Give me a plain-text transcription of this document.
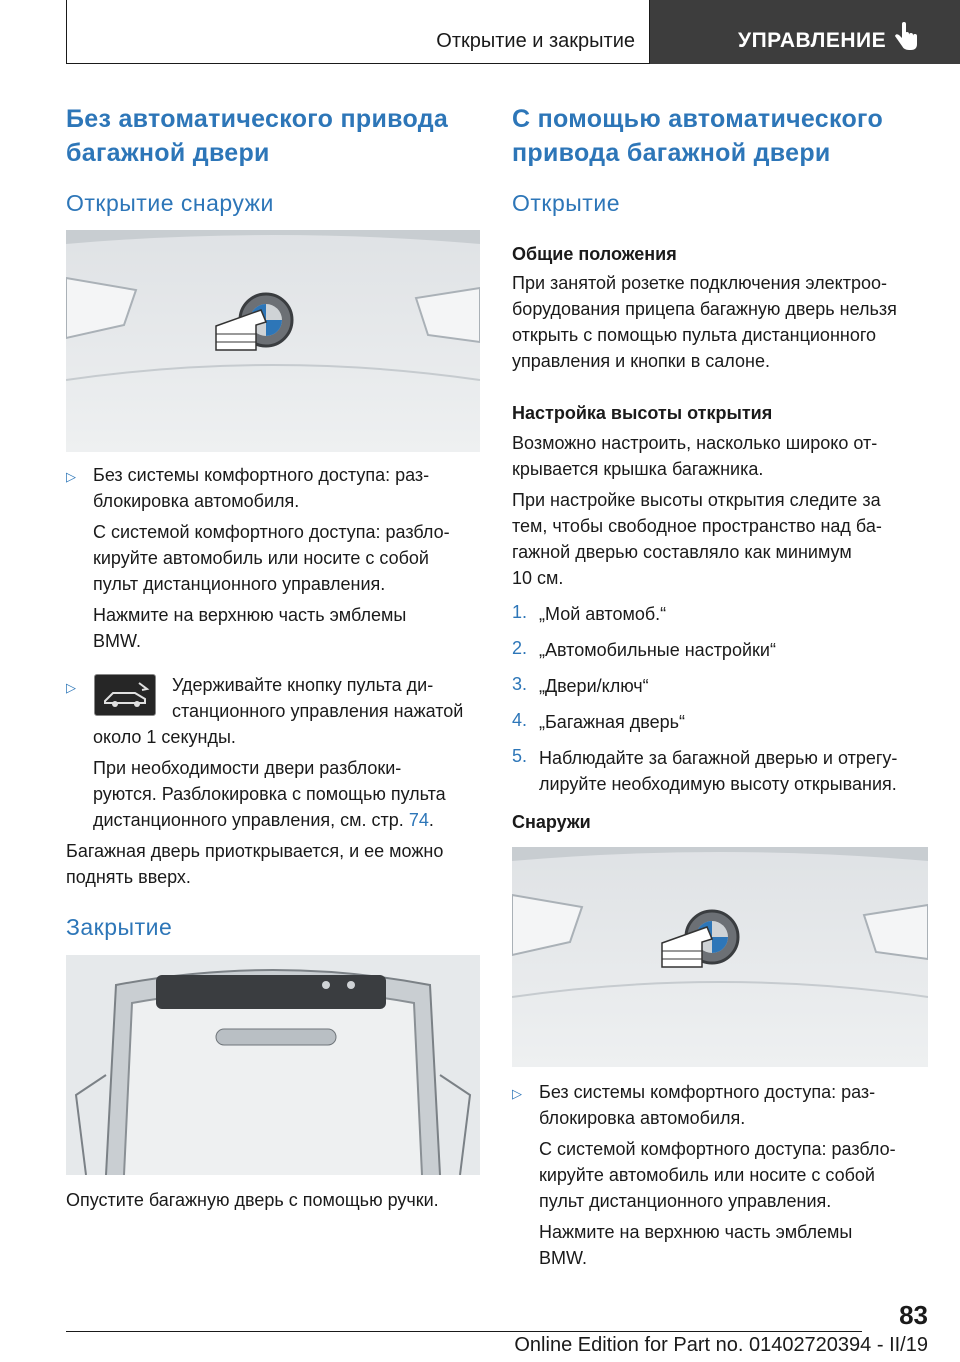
Открытие и закрытие	УПРАВЛЕНИЕ
Без автоматического привода
багажной двери
Открытие снаружи
▷ Без системы комфортного доступа: раз‐
блокировка автомобиля.
С системой комфортного доступа: разбло‐
кируйте автомобиль или носите с собой
пульт дистанционного управления.
Нажмите на верхнюю часть эмблемы
BMW.
▷	Удерживайте кнопку пульта ди‐
станционного управления нажатой
около 1 секунды.
При необходимости двери разблоки‐
руются. Разблокировка с помощью пульта
дистанционного управления, см. стр. 74.
Багажная дверь приоткрывается, и ее можно
поднять вверх.
Закрытие
Опустите багажную дверь с помощью ручки.
С помощью автоматического
привода багажной двери
Открытие
Общие положения
При занятой розетке подключения электроо‐
борудования прицепа багажную дверь нельзя
открыть с помощью пульта дистанционного
управления и кнопки в салоне.
Настройка высоты открытия
Возможно настроить, насколько широко от‐
крывается крышка багажника.
При настройке высоты открытия следите за
тем, чтобы свободное пространство над ба‐
гажной дверью составляло как минимум
10 см.
1. „Мой автомоб.“
2. „Автомобильные настройки“
3. „Двери/ключ“
4. „Багажная дверь“
5. Наблюдайте за багажной дверью и отрегу‐
лируйте необходимую высоту открывания.
Снаружи
▷ Без системы комфортного доступа: раз‐
блокировка автомобиля.
С системой комфортного доступа: разбло‐
кируйте автомобиль или носите с собой
пульт дистанционного управления.
Нажмите на верхнюю часть эмблемы
BMW.
83
Online Edition for Part no. 01402720394 - II/19
